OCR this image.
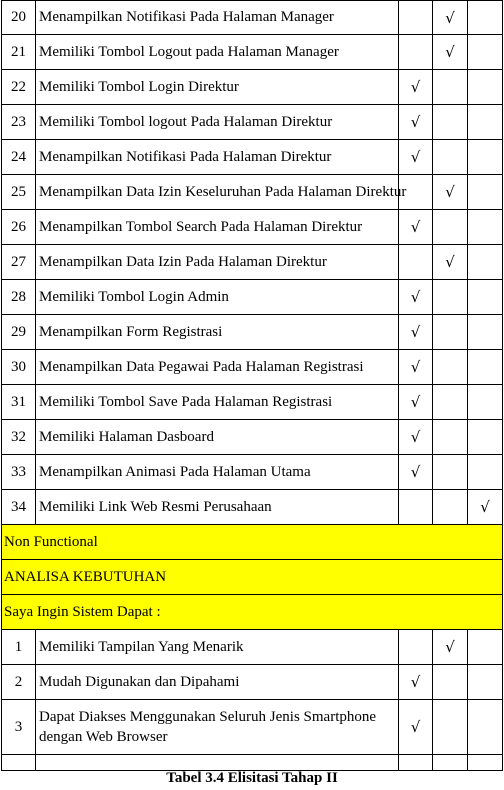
20	Menampilkan Notifikasi Pada Halaman Manager		√	
21	Memiliki Tombol Logout pada Halaman Manager		√	
22	Memiliki Tombol Login Direktur	√		
23	Memiliki Tombol logout Pada Halaman Direktur	√		
24	Menampilkan Notifikasi Pada Halaman Direktur	√		
25	Menampilkan Data Izin Keseluruhan Pada Halaman Direktur		√	
26	Menampilkan Tombol Search Pada Halaman Direktur	√		
27	Menampilkan Data Izin Pada Halaman Direktur		√	
28	Memiliki Tombol Login Admin	√		
29	Menampilkan Form Registrasi	√		
30	Menampilkan Data Pegawai Pada Halaman Registrasi	√		
31	Memiliki Tombol Save Pada Halaman Registrasi	√		
32	Memiliki Halaman Dasboard	√		
33	Menampilkan Animasi Pada Halaman Utama	√		
34	Memiliki Link Web Resmi Perusahaan			√
Non Functional				
ANALISA KEBUTUHAN				
Saya Ingin Sistem Dapat :				
1	Memiliki Tampilan Yang Menarik		√	
2	Mudah Digunakan dan Dipahami	√		
3	Dapat Diakses Menggunakan Seluruh Jenis Smartphone dengan Web Browser	√		

Tabel 3.4 Elisitasi Tahap II
